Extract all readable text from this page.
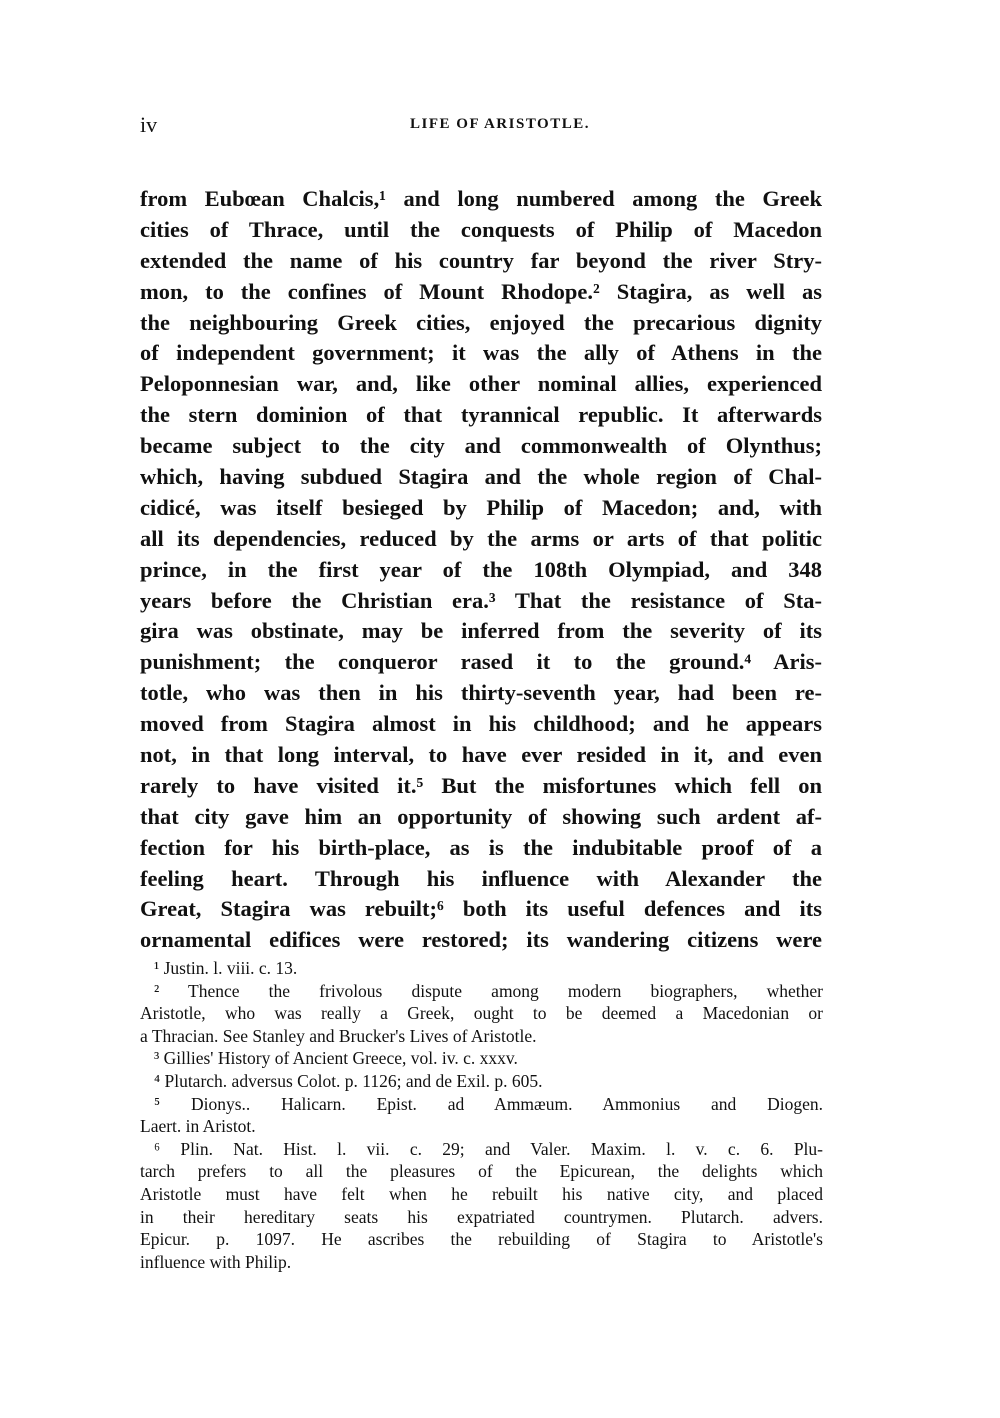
iv	LIFE OF ARISTOTLE.
from Eubœan Chalcis,¹ and long numbered among the Greek
cities of Thrace, until the conquests of Philip of Macedon
extended the name of his country far beyond the river Stry-
mon, to the confines of Mount Rhodope.² Stagira, as well as
the neighbouring Greek cities, enjoyed the precarious dignity
of independent government; it was the ally of Athens in the
Peloponnesian war, and, like other nominal allies, experienced
the stern dominion of that tyrannical republic. It afterwards
became subject to the city and commonwealth of Olynthus;
which, having subdued Stagira and the whole region of Chal-
cidicé, was itself besieged by Philip of Macedon; and, with
all its dependencies, reduced by the arms or arts of that politic
prince, in the first year of the 108th Olympiad, and 348
years before the Christian era.³ That the resistance of Sta-
gira was obstinate, may be inferred from the severity of its
punishment; the conqueror rased it to the ground.⁴ Aris-
totle, who was then in his thirty-seventh year, had been re-
moved from Stagira almost in his childhood; and he appears
not, in that long interval, to have ever resided in it, and even
rarely to have visited it.⁵ But the misfortunes which fell on
that city gave him an opportunity of showing such ardent af-
fection for his birth-place, as is the indubitable proof of a
feeling heart. Through his influence with Alexander the
Great, Stagira was rebuilt;⁶ both its useful defences and its
ornamental edifices were restored; its wandering citizens were
¹ Justin. l. viii. c. 13.
² Thence the frivolous dispute among modern biographers, whether
Aristotle, who was really a Greek, ought to be deemed a Macedonian or
a Thracian. See Stanley and Brucker's Lives of Aristotle.
³ Gillies' History of Ancient Greece, vol. iv. c. xxxv.
⁴ Plutarch. adversus Colot. p. 1126; and de Exil. p. 605.
⁵ Dionys.. Halicarn. Epist. ad Ammæum. Ammonius and Diogen.
Laert. in Aristot.
⁶ Plin. Nat. Hist. l. vii. c. 29; and Valer. Maxim. l. v. c. 6. Plu-
tarch prefers to all the pleasures of the Epicurean, the delights which
Aristotle must have felt when he rebuilt his native city, and placed
in their hereditary seats his expatriated countrymen. Plutarch. advers.
Epicur. p. 1097. He ascribes the rebuilding of Stagira to Aristotle's
influence with Philip.
